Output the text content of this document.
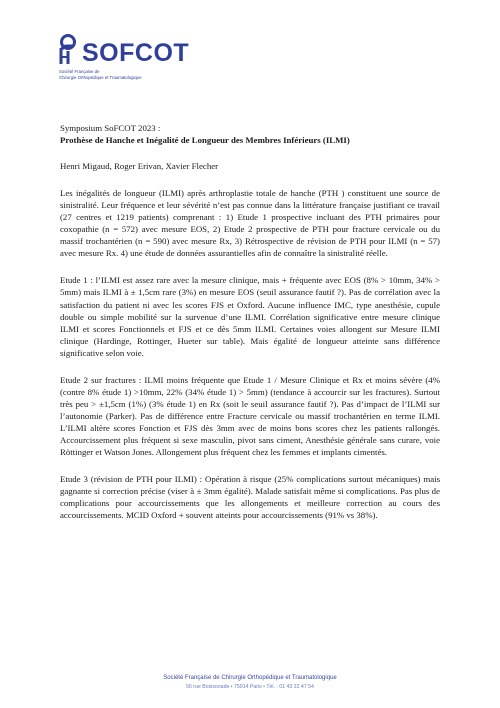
SOFCOT
Société Française de
Chirurgie Orthopédique et Traumatologique

Symposium SoFCOT 2023 :

Prothèse de Hanche et Inégalité de Longueur des Membres Inférieurs (ILMI)

Henri Migaud, Roger Erivan, Xavier Flecher

Les inégalités de longueur (ILMI) après arthroplastie totale de hanche (PTH ) constituent une source de sinistralité. Leur fréquence et leur sévérité n’est pas connue dans la littérature française justifiant ce travail (27 centres et 1219 patients) comprenant : 1) Etude 1 prospective incluant des PTH primaires pour coxopathie (n = 572) avec mesure EOS, 2) Etude 2 prospective de PTH pour fracture cervicale ou du massif trochantérien (n = 590) avec mesure Rx, 3) Rétrospective de révision de PTH pour ILMI (n = 57) avec mesure Rx. 4) une étude de données assurantielles afin de connaître la sinistralité réelle.

Etude 1 : l’ILMI est assez rare avec la mesure clinique, mais + fréquente avec EOS (8% > 10mm, 34% > 5mm) mais ILMI à ± 1,5cm rare (3%) en mesure EOS (seuil assurance fautif ?). Pas de corrélation avec la satisfaction du patient ni avec les scores FJS et Oxford. Aucune influence IMC, type anesthésie, cupule double ou simple mobilité sur la survenue d’une ILMI. Corrélation significative entre mesure clinique ILMI et scores Fonctionnels et FJS et ce dès 5mm ILMI. Certaines voies allongent sur Mesure ILMI clinique (Hardinge, Rottinger, Hueter sur table). Mais égalité de longueur atteinte sans différence significative selon voie.

Etude 2 sur fractures : ILMI moins fréquente que Etude 1 / Mesure Clinique et Rx et moins sévère (4% (contre 8% étude 1) >10mm, 22% (34% étude 1) > 5mm) (tendance à accourcir sur les fractures). Surtout très peu > ±1,5cm (1%) (3% étude 1) en Rx (soit le seuil assurance fautif ?). Pas d’impact de l’ILMI sur l’autonomie (Parker). Pas de différence entre Fracture cervicale ou massif trochantérien en terme ILMI. L’ILMI altère scores Fonction et FJS dès 3mm avec de moins bons scores chez les patients rallongés. Accourcissement plus fréquent si sexe masculin, pivot sans ciment, Anesthésie générale sans curare, voie Röttinger et Watson Jones. Allongement plus fréquent chez les femmes et implants cimentés.

Etude 3 (révision de PTH pour ILMI) : Opération à risque (25% complications surtout mécaniques) mais gagnante si correction précise (viser à ± 3mm égalité). Malade satisfait même si complications. Pas plus de complications pour accourcissements que les allongements et meilleure correction au cours des accourcissements. MCID Oxford + souvent atteints pour accourcissements (91% vs 38%).

Société Française de Chirurgie Orthopédique et Traumatologique
56 rue Boissonade • 75014 Paris • Tél. : 01 43 22 47 54
